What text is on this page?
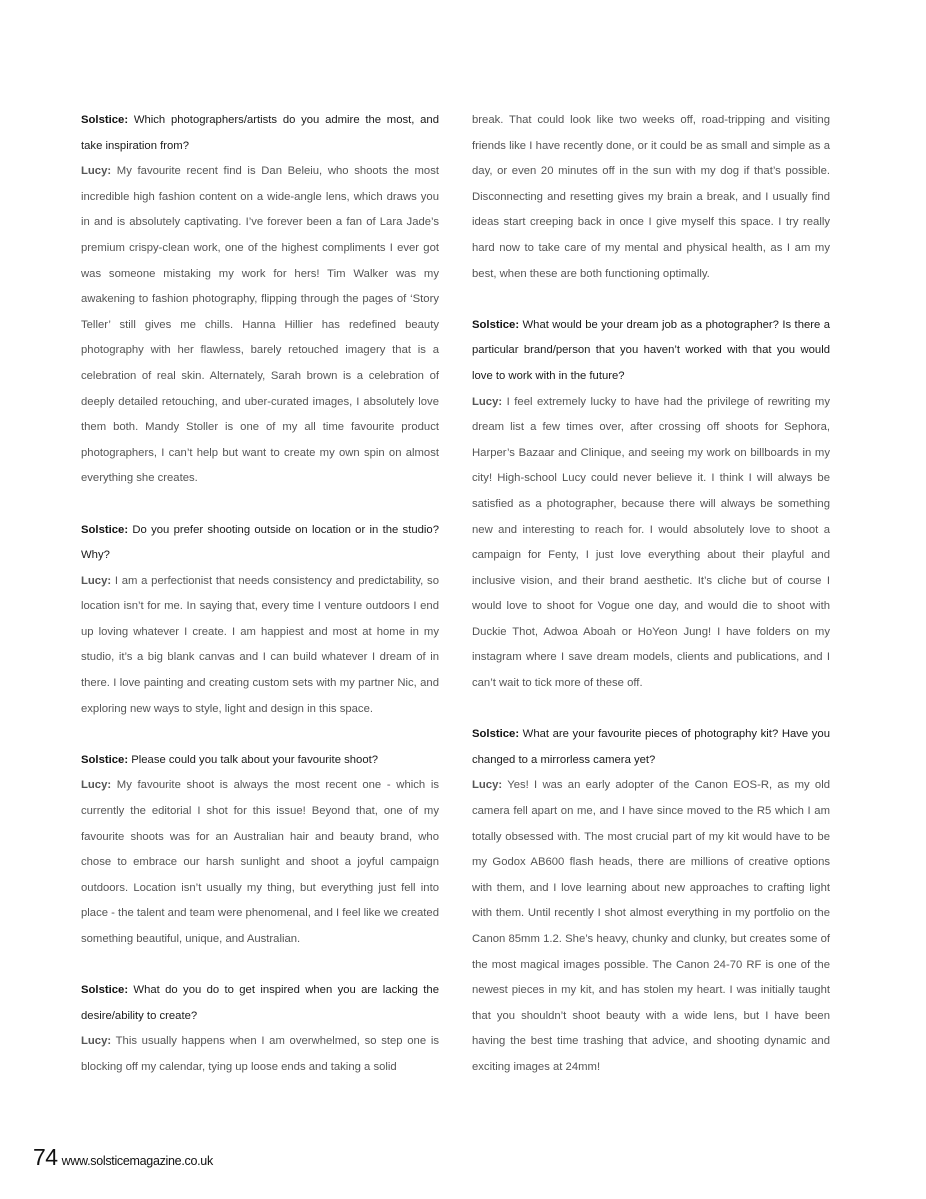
Solstice: Which photographers/artists do you admire the most, and take inspiration from?

Lucy: My favourite recent find is Dan Beleiu, who shoots the most incredible high fashion content on a wide-angle lens, which draws you in and is absolutely captivating. I’ve forever been a fan of Lara Jade’s premium crispy-clean work, one of the highest compliments I ever got was someone mistaking my work for hers! Tim Walker was my awakening to fashion photography, flipping through the pages of ‘Story Teller’ still gives me chills. Hanna Hillier has redefined beauty photography with her flawless, barely retouched imagery that is a celebration of real skin. Alternately, Sarah brown is a celebration of deeply detailed retouching, and uber-curated images, I absolutely love them both. Mandy Stoller is one of my all time favourite product photographers, I can’t help but want to create my own spin on almost everything she creates.

Solstice: Do you prefer shooting outside on location or in the studio? Why?

Lucy: I am a perfectionist that needs consistency and predictability, so location isn’t for me. In saying that, every time I venture outdoors I end up loving whatever I create. I am happiest and most at home in my studio, it’s a big blank canvas and I can build whatever I dream of in there. I love painting and creating custom sets with my partner Nic, and exploring new ways to style, light and design in this space.

Solstice: Please could you talk about your favourite shoot?

Lucy: My favourite shoot is always the most recent one - which is currently the editorial I shot for this issue! Beyond that, one of my favourite shoots was for an Australian hair and beauty brand, who chose to embrace our harsh sunlight and shoot a joyful campaign outdoors. Location isn’t usually my thing, but everything just fell into place - the talent and team were phenomenal, and I feel like we created something beautiful, unique, and Australian.

Solstice: What do you do to get inspired when you are lacking the desire/ability to create?

Lucy: This usually happens when I am overwhelmed, so step one is blocking off my calendar, tying up loose ends and taking a solid

break. That could look like two weeks off, road-tripping and visiting friends like I have recently done, or it could be as small and simple as a day, or even 20 minutes off in the sun with my dog if that’s possible. Disconnecting and resetting gives my brain a break, and I usually find ideas start creeping back in once I give myself this space. I try really hard now to take care of my mental and physical health, as I am my best, when these are both functioning optimally.

Solstice: What would be your dream job as a photographer? Is there a particular brand/person that you haven’t worked with that you would love to work with in the future?

Lucy: I feel extremely lucky to have had the privilege of rewriting my dream list a few times over, after crossing off shoots for Sephora, Harper’s Bazaar and Clinique, and seeing my work on billboards in my city! High-school Lucy could never believe it. I think I will always be satisfied as a photographer, because there will always be something new and interesting to reach for. I would absolutely love to shoot a campaign for Fenty, I just love everything about their playful and inclusive vision, and their brand aesthetic. It’s cliche but of course I would love to shoot for Vogue one day, and would die to shoot with Duckie Thot, Adwoa Aboah or HoYeon Jung! I have folders on my instagram where I save dream models, clients and publications, and I can’t wait to tick more of these off.

Solstice: What are your favourite pieces of photography kit? Have you changed to a mirrorless camera yet?

Lucy: Yes! I was an early adopter of the Canon EOS-R, as my old camera fell apart on me, and I have since moved to the R5 which I am totally obsessed with. The most crucial part of my kit would have to be my Godox AB600 flash heads, there are millions of creative options with them, and I love learning about new approaches to crafting light with them. Until recently I shot almost everything in my portfolio on the Canon 85mm 1.2. She’s heavy, chunky and clunky, but creates some of the most magical images possible. The Canon 24-70 RF is one of the newest pieces in my kit, and has stolen my heart. I was initially taught that you shouldn’t shoot beauty with a wide lens, but I have been having the best time trashing that advice, and shooting dynamic and exciting images at 24mm!

74 www.solsticemagazine.co.uk
